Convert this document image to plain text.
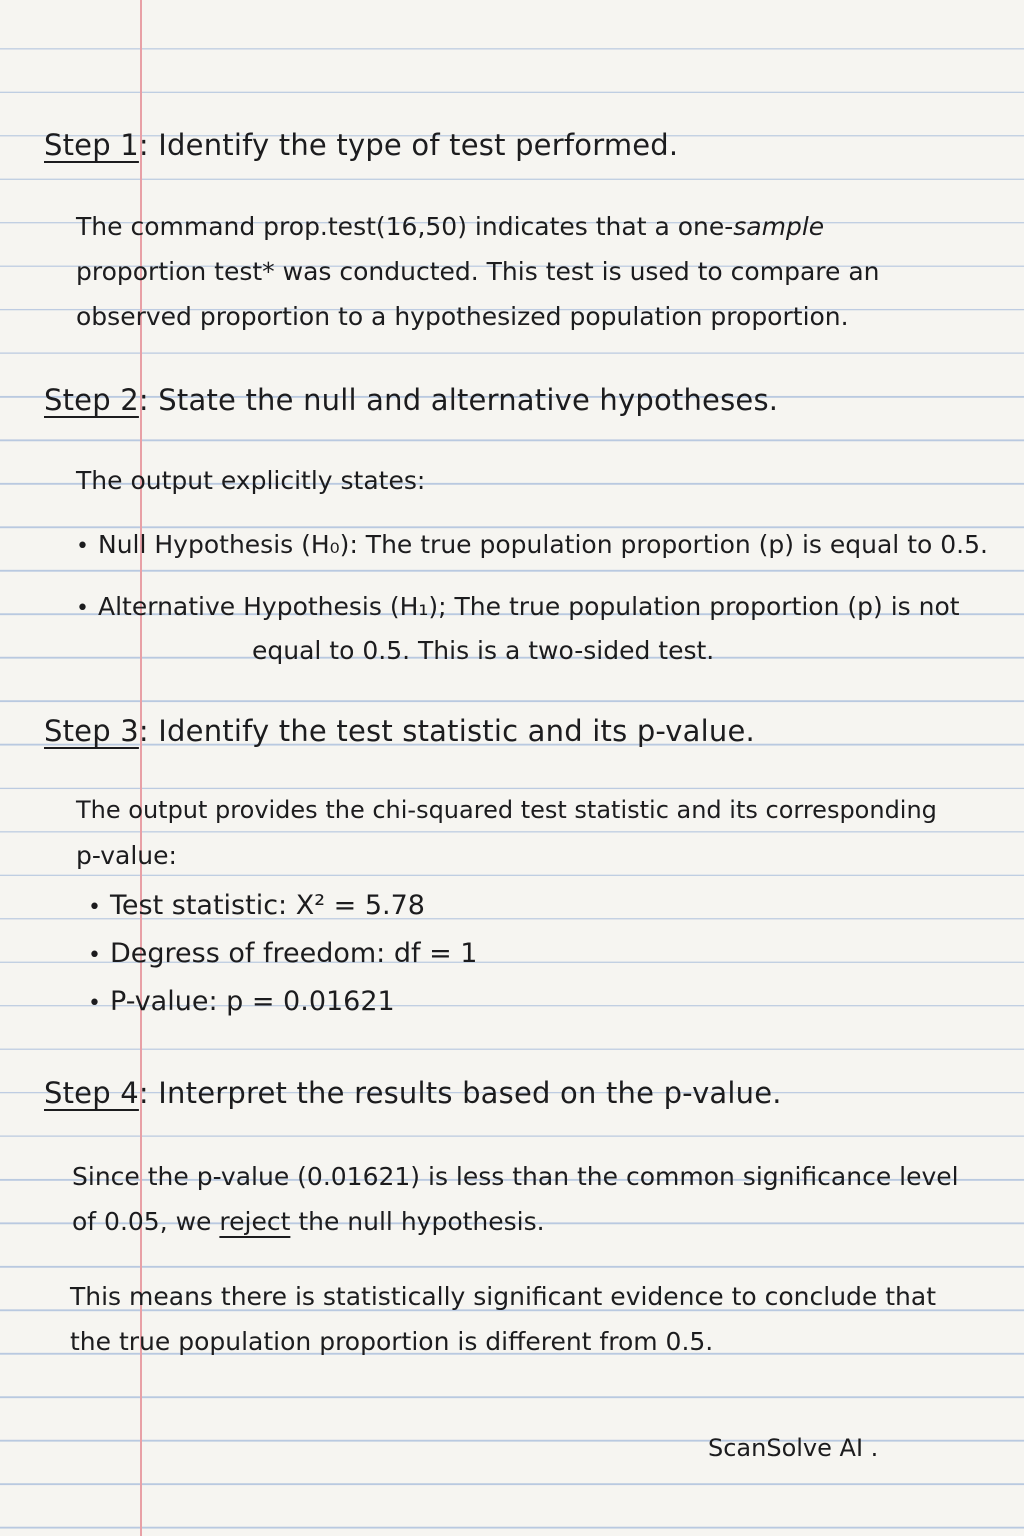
Step 1: Identify the type of test performed.
The command prop.test(16,50) indicates that a one-sample
proportion test* was conducted. This test is used to compare an
observed proportion to a hypothesized population proportion.
Step 2: State the null and alternative hypotheses.
The output explicitly states:
• Null Hypothesis (H₀): The true population proportion (p) is equal to 0.5.
• Alternative Hypothesis (H₁); The true population proportion (p) is not
equal to 0.5. This is a two-sided test.
Step 3: Identify the test statistic and its p-value.
The output provides the chi-squared test statistic and its corresponding
p-value:
• Test statistic: X² = 5.78
• Degress of freedom: df = 1
• P-value: p = 0.01621
Step 4: Interpret the results based on the p-value.
Since the p-value (0.01621) is less than the common significance level
of 0.05, we reject the null hypothesis.
This means there is statistically significant evidence to conclude that
the true population proportion is different from 0.5.
ScanSolve AI .
